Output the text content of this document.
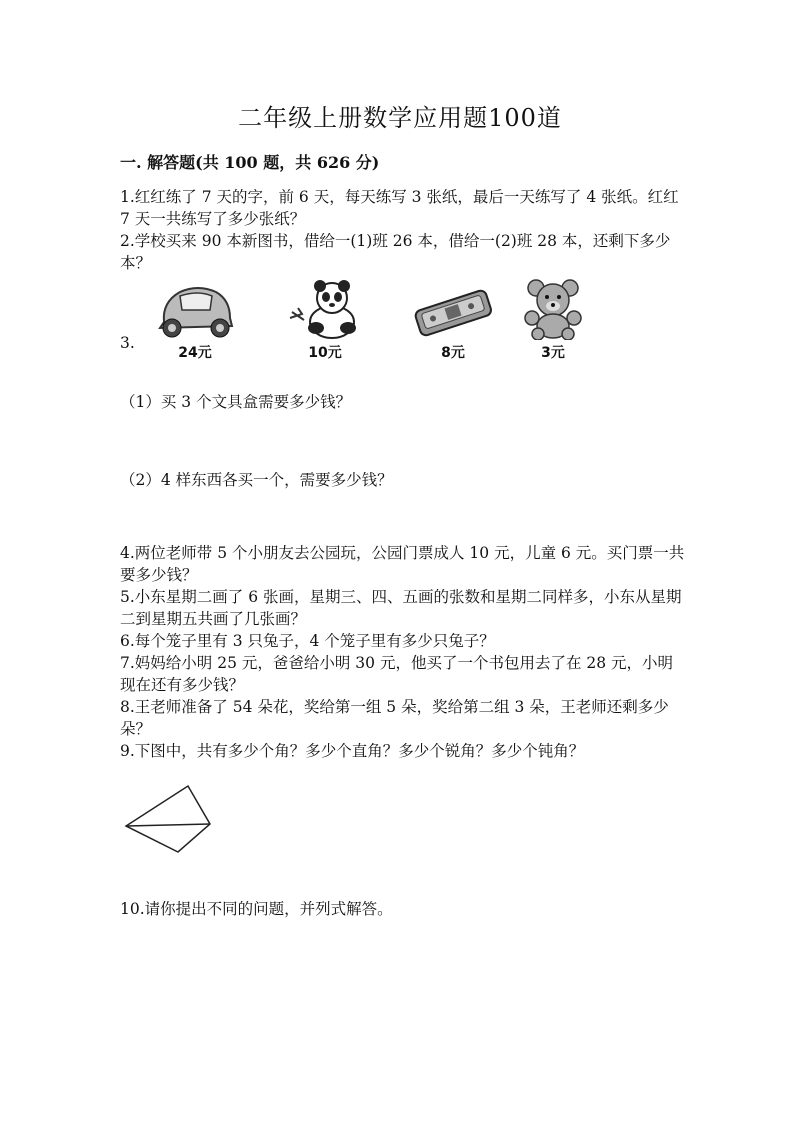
二年级上册数学应用题100道
一. 解答题(共 100 题，共 626 分)

1.红红练了 7 天的字，前 6 天，每天练写 3 张纸，最后一天练写了 4 张纸。红红 7 天一共练写了多少张纸？

2.学校买来 90 本新图书，借给一(1)班 26 本，借给一(2)班 28 本，还剩下多少本？

3.
24元	10元	8元	3元
（1）买 3 个文具盒需要多少钱？
（2）4 样东西各买一个，需要多少钱？

4.两位老师带 5 个小朋友去公园玩，公园门票成人 10 元，儿童 6 元。买门票一共要多少钱？

5.小东星期二画了 6 张画，星期三、四、五画的张数和星期二同样多，小东从星期二到星期五共画了几张画？

6.每个笼子里有 3 只兔子，4 个笼子里有多少只兔子？

7.妈妈给小明 25 元，爸爸给小明 30 元，他买了一个书包用去了在 28 元，小明现在还有多少钱？

8.王老师准备了 54 朵花，奖给第一组 5 朵，奖给第二组 3 朵，王老师还剩多少朵？

9.下图中，共有多少个角？多少个直角？多少个锐角？多少个钝角？

10.请你提出不同的问题，并列式解答。
